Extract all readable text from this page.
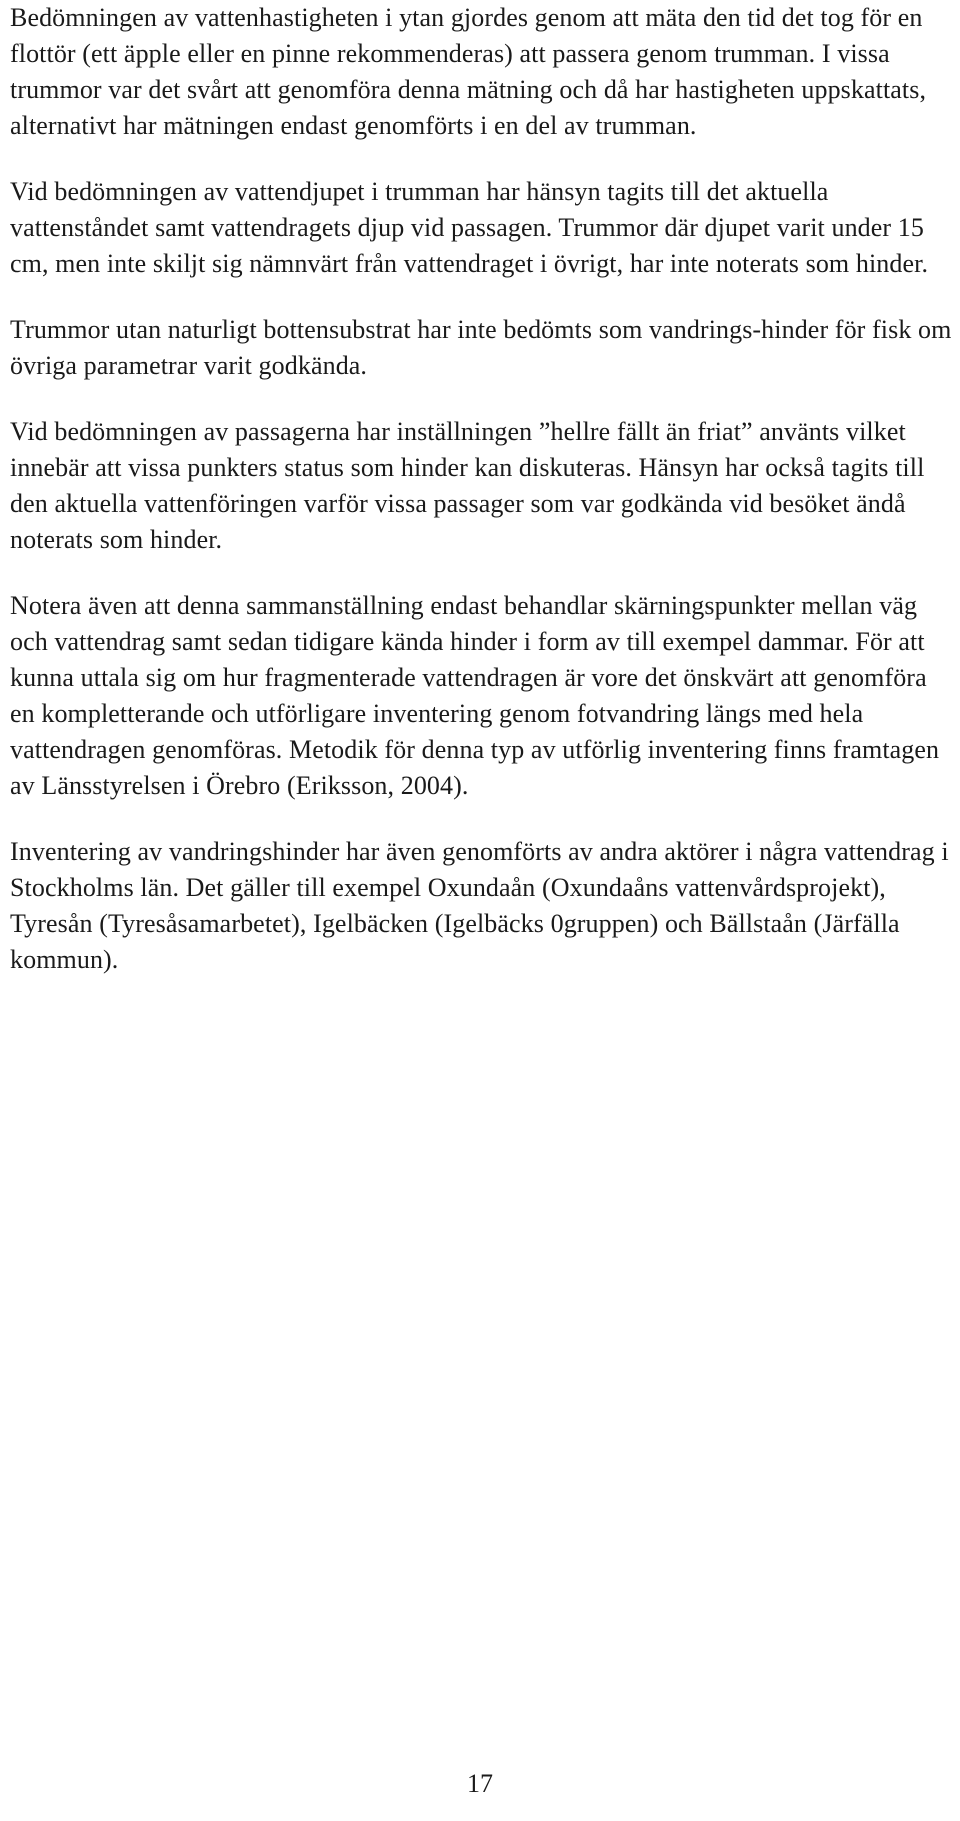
Bedömningen av vattenhastigheten i ytan gjordes genom att mäta den tid det tog för en flottör (ett äpple eller en pinne rekommenderas) att passera genom trumman. I vissa trummor var det svårt att genomföra denna mätning och då har hastigheten uppskattats, alternativt har mätningen endast genomförts i en del av trumman.

Vid bedömningen av vattendjupet i trumman har hänsyn tagits till det aktuella vattenståndet samt vattendragets djup vid passagen. Trummor där djupet varit under 15 cm, men inte skiljt sig nämnvärt från vattendraget i övrigt, har inte noterats som hinder.

Trummor utan naturligt bottensubstrat har inte bedömts som vandrings-hinder för fisk om övriga parametrar varit godkända.

Vid bedömningen av passagerna har inställningen ”hellre fällt än friat” använts vilket innebär att vissa punkters status som hinder kan diskuteras. Hänsyn har också tagits till den aktuella vattenföringen varför vissa passager som var godkända vid besöket ändå noterats som hinder.

Notera även att denna sammanställning endast behandlar skärningspunkter mellan väg och vattendrag samt sedan tidigare kända hinder i form av till exempel dammar. För att kunna uttala sig om hur fragmenterade vattendragen är vore det önskvärt att genomföra en kompletterande och utförligare inventering genom fotvandring längs med hela vattendragen genomföras. Metodik för denna typ av utförlig inventering finns framtagen av Länsstyrelsen i Örebro (Eriksson, 2004).

Inventering av vandringshinder har även genomförts av andra aktörer i några vattendrag i Stockholms län. Det gäller till exempel Oxundaån (Oxundaåns vattenvårdsprojekt), Tyresån (Tyresåsamarbetet), Igelbäcken (Igelbäcks 0gruppen) och Bällstaån (Järfälla kommun).

17
